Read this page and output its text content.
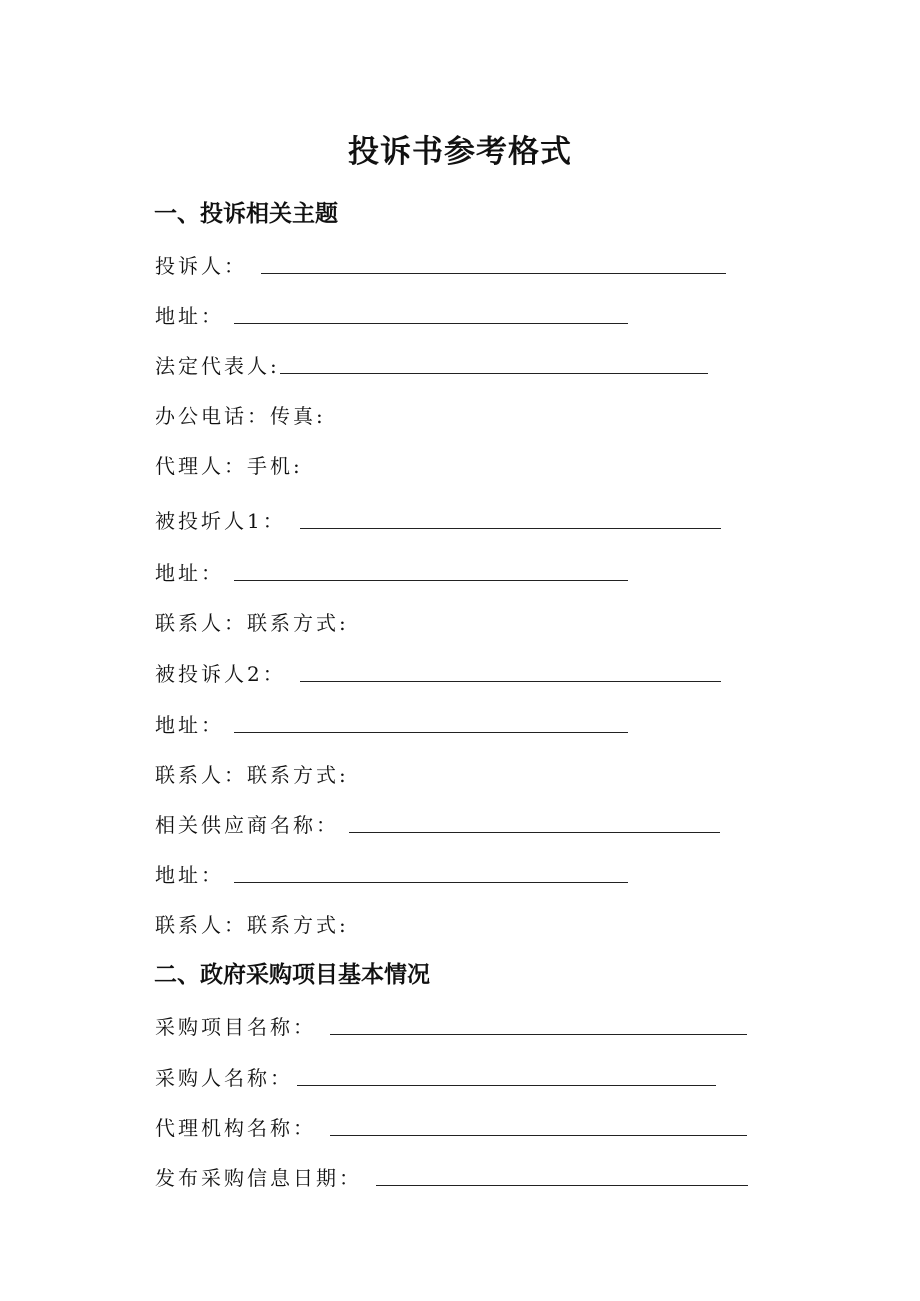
投诉书参考格式
一、投诉相关主题
投诉人：
地址：
法定代表人:
办公电话：传真:
代理人：手机:
被投圻人1：
地址：
联系人：联系方式:
被投诉人2：
地址：
联系人：联系方式:
相关供应商名称：
地址：
联系人：联系方式:
二、政府采购项目基本情况
采购项目名称：
采购人名称：
代理机构名称：
发布采购信息日期：
